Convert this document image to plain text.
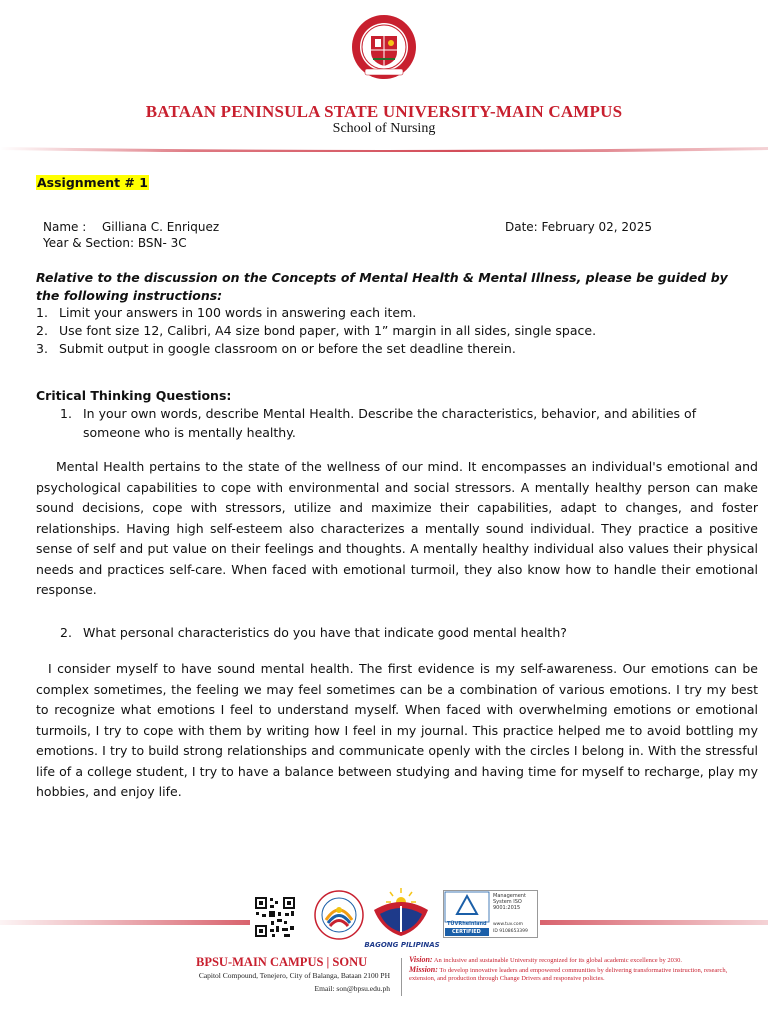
BATAAN PENINSULA STATE UNIVERSITY-MAIN CAMPUS
School of Nursing
Assignment # 1
Name : Gilliana C. Enriquez	Date: February 02, 2025
Year & Section: BSN- 3C
Relative to the discussion on the Concepts of Mental Health & Mental Illness, please be guided by the following instructions:
1. Limit your answers in 100 words in answering each item.
2. Use font size 12, Calibri, A4 size bond paper, with 1” margin in all sides, single space.
3. Submit output in google classroom on or before the set deadline therein.
Critical Thinking Questions:
1. In your own words, describe Mental Health. Describe the characteristics, behavior, and abilities of someone who is mentally healthy.
Mental Health pertains to the state of the wellness of our mind. It encompasses an individual's emotional and psychological capabilities to cope with environmental and social stressors. A mentally healthy person can make sound decisions, cope with stressors, utilize and maximize their capabilities, adapt to changes, and foster relationships. Having high self-esteem also characterizes a mentally sound individual. They practice a positive sense of self and put value on their feelings and thoughts. A mentally healthy individual also values their physical needs and practices self-care. When faced with emotional turmoil, they also know how to handle their emotional response.
2. What personal characteristics do you have that indicate good mental health?
I consider myself to have sound mental health. The first evidence is my self-awareness. Our emotions can be complex sometimes, the feeling we may feel sometimes can be a combination of various emotions. I try my best to recognize what emotions I feel to understand myself. When faced with overwhelming emotions or emotional turmoils, I try to cope with them by writing how I feel in my journal. This practice helped me to avoid bottling my emotions. I try to build strong relationships and communicate openly with the circles I belong in. With the stressful life of a college student, I try to have a balance between studying and having time for myself to recharge, play my hobbies, and enjoy life.
BAGONG PILIPINAS
TÜVRheinland
CERTIFIED
Management System ISO 9001:2015
www.tuv.com
ID 9108653399
BPSU-MAIN CAMPUS | SONU
Capitol Compound, Tenejero, City of Balanga, Bataan 2100 PH
Email: son@bpsu.edu.ph
Vision: An inclusive and sustainable University recognized for its global academic excellence by 2030.
Mission: To develop innovative leaders and empowered communities by delivering transformative instruction, research, extension, and production through Change Drivers and responsive policies.
